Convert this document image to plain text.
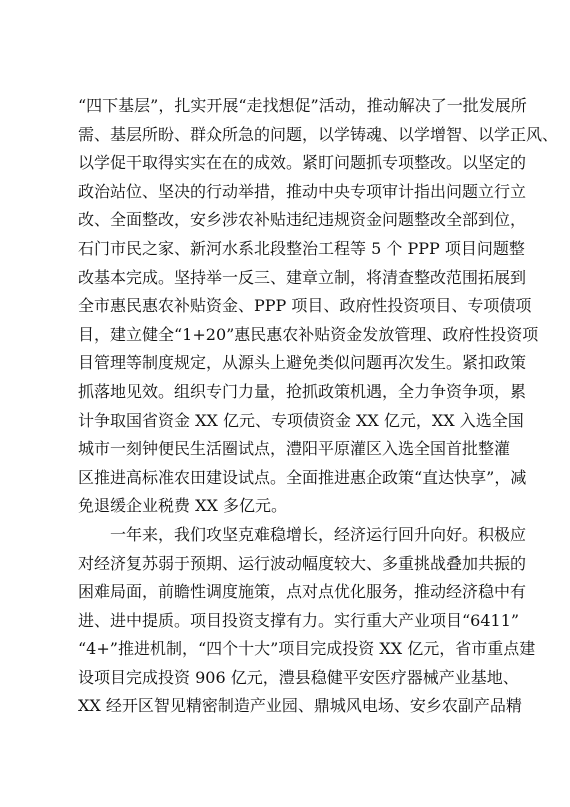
“四下基层”，扎实开展“走找想促”活动，推动解决了一批发展所
需、基层所盼、群众所急的问题，以学铸魂、以学增智、以学正风、
以学促干取得实实在在的成效。紧盯问题抓专项整改。以坚定的
政治站位、坚决的行动举措，推动中央专项审计指出问题立行立
改、全面整改，安乡涉农补贴违纪违规资金问题整改全部到位，
石门市民之家、新河水系北段整治工程等 5 个 PPP 项目问题整
改基本完成。坚持举一反三、建章立制，将清查整改范围拓展到
全市惠民惠农补贴资金、PPP 项目、政府性投资项目、专项债项
目，建立健全“1+20”惠民惠农补贴资金发放管理、政府性投资项
目管理等制度规定，从源头上避免类似问题再次发生。紧扣政策
抓落地见效。组织专门力量，抢抓政策机遇，全力争资争项，累
计争取国省资金 XX 亿元、专项债资金 XX 亿元，XX 入选全国
城市一刻钟便民生活圈试点，澧阳平原灌区入选全国首批整灌
区推进高标准农田建设试点。全面推进惠企政策“直达快享”，减
免退缓企业税费 XX 多亿元。
一年来，我们攻坚克难稳增长，经济运行回升向好。积极应
对经济复苏弱于预期、运行波动幅度较大、多重挑战叠加共振的
困难局面，前瞻性调度施策，点对点优化服务，推动经济稳中有
进、进中提质。项目投资支撑有力。实行重大产业项目“6411”
“4+”推进机制，“四个十大”项目完成投资 XX 亿元，省市重点建
设项目完成投资 906 亿元，澧县稳健平安医疗器械产业基地、
XX 经开区智见精密制造产业园、鼎城风电场、安乡农副产品精
